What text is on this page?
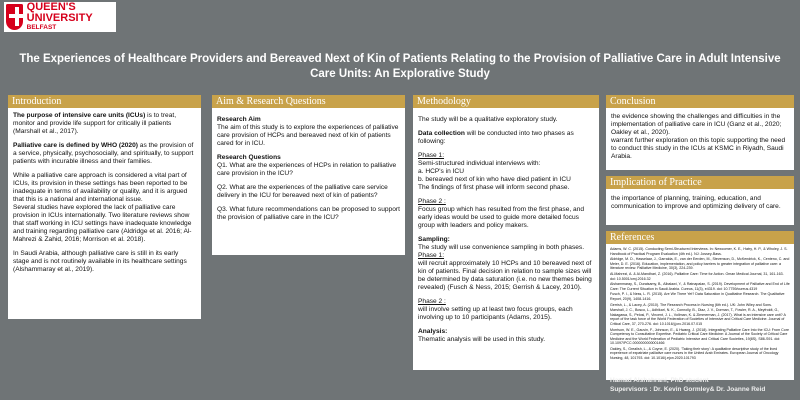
QUEEN'S UNIVERSITY
BELFAST
The Experiences of Healthcare Providers and Bereaved Next of Kin of Patients Relating to the Provision of Palliative Care in Adult Intensive Care Units: An Explorative Study
Introduction

The purpose of intensive care units (ICUs) is to treat, monitor and provide life support for critically ill patients (Marshall et al., 2017).

Palliative care is defined by WHO (2020) as the provision of a service, physically, psychosocially, and spiritually, to support patients with incurable illness and their families.

While a palliative care approach is considered a vital part of ICUs, its provision in these settings has been reported to be inadequate in terms of availability or quality, and it is argued that this is a national and international issue.

Several studies have explored the lack of palliative care provision in ICUs internationally. Two literature reviews show that staff working in ICU settings have inadequate knowledge and training regarding palliative care (Aldridge et al. 2016; Al-Mahrezi & Zahid, 2016; Morrison et al. 2018).

In Saudi Arabia, although palliative care is still in its early stage and is not routinely available in its healthcare settings (Alshammaray et al., 2019).

Aim & Research Questions

Research Aim

The aim of this study is to explore the experiences of palliative care provision of HCPs and bereaved next of kin of patients cared for in ICU.

Research Questions

Q1. What are the experiences of HCPs in relation to palliative care provision in the ICU?

Q2. What are the experiences of the palliative care service delivery in the ICU for bereaved next of kin of patients?

Q3. What future recommendations can be proposed to support the provision of palliative care in the ICU?

Methodology

The study will be a qualitative exploratory study.

Data collection will be conducted into two phases as following:

Phase 1:

Semi-structured individual interviews with:

a. HCP's in ICU

b. bereaved next of kin who have died patient in ICU

The findings of first phase will inform second phase.

Phase 2 :

Focus group which has resulted from the first phase, and early ideas would be used to guide more detailed focus group with leaders and policy makers.

Sampling:

The study will use convenience sampling in both phases.

Phase 1:

will recruit approximately 10 HCPs and 10 bereaved next of kin of patients. Final decision in relation to sample sizes will be determined by data saturation (i.e. no new themes being revealed) (Fusch & Ness, 2015; Gerrish & Lacey, 2010).

Phase 2 :

will involve setting up at least two focus groups, each involving up to 10 participants (Adams, 2015).

Analysis:

Thematic analysis will be used in this study.

Conclusion

the evidence showing the challenges and difficulties in the implementation of palliative care in ICU (Ganz et al., 2020; Oakley et al., 2020).

warrant further exploration on this topic supporting the need to conduct this study in the ICUs at KSMC in Riyadh, Saudi Arabia.

Implication of Practice

the importance of planning, training, education, and communication to improve and optimizing delivery of care.

References

Adams, W. C. (2015). Conducting Semi-Structured Interviews. In: Newcomer, K. E., Hatry, H. P., & Wholey, J. S. Handbook of Practical Program Evaluation (4th ed.). NJ: Jossey-Bass.

Aldridge, M. D., Hasselaar, J., Garralda, E., van der Eerden, M., Stevenson, D., McKendrick, K., Centeno, C. and Meier, D. E. (2016). Education, implementation, and policy barriers to greater integration of palliative care: a literature review. Palliative Medicine, 30(3), 224-239.

Al-Mahrezi, A. & Al-Mandhari, Z. (2016). Palliative Care: Time for Action. Oman Medical Journal, 31, 161-163. doi: 10.5001/omj.2016.32

Alshammaray, S., Duraisamy, B., Albalawi, Y., & Ratnapalan, S. (2019). Development of Palliative and End of Life Care: The Current Situation in Saudi Arabia. Cureus, 11(3), e4319. doi: 10.7759/cureus.4319

Fusch, P. I., & Ness, L. R. (2015). Are We There Yet? Data Saturation in Qualitative Research. The Qualitative Report, 20(9), 1408-1416.

Gerrish, L., & Lacey, A. (2010). The Research Process in Nursing (6th ed.). UK: John Wiley and Sons.

Marshall, J. C., Bosco, L., Adhikari, N. K., Connolly, B., Diaz, J. V., Dorman, T., Fowler, R. A., Meyfroidt, G., Nakagawa, S., Pelosi, P., Vincent, J. L., Vollman, K. & Zimmerman, J. (2017). What is an intensive care unit? A report of the task force of the World Federation of Societies of Intensive and Critical Care Medicine. Journal of Critical Care, 37, 270-276. doi: 10.1016/j.jcrc.2016.07.015

Morrison, W. E., Gauvin, F., Johnson, E., & Hwang, J. (2018). Integrating Palliative Care Into the ICU: From Core Competency to Consultative Expertise. Pediatric Critical Care Medicine: A Journal of the Society of Critical Care Medicine and the World Federation of Pediatric Intensive and Critical Care Societies, 19(8S), S86-S91. doi: 10.1097/PCC.0000000000001466

Oakley, S., Grealish, L., & Coyne, E. (2020). 'Taking their story': A qualitative descriptive study of the lived experience of expatriate palliative care nurses in the United Arab Emirates. European Journal of Oncology Nursing, 48, 101793. doi: 10.1016/j.ejon.2020.101793

Hamad Alshahrani, PhD student
Supervisors : Dr. Kevin Gormley& Dr. Joanne Reid
